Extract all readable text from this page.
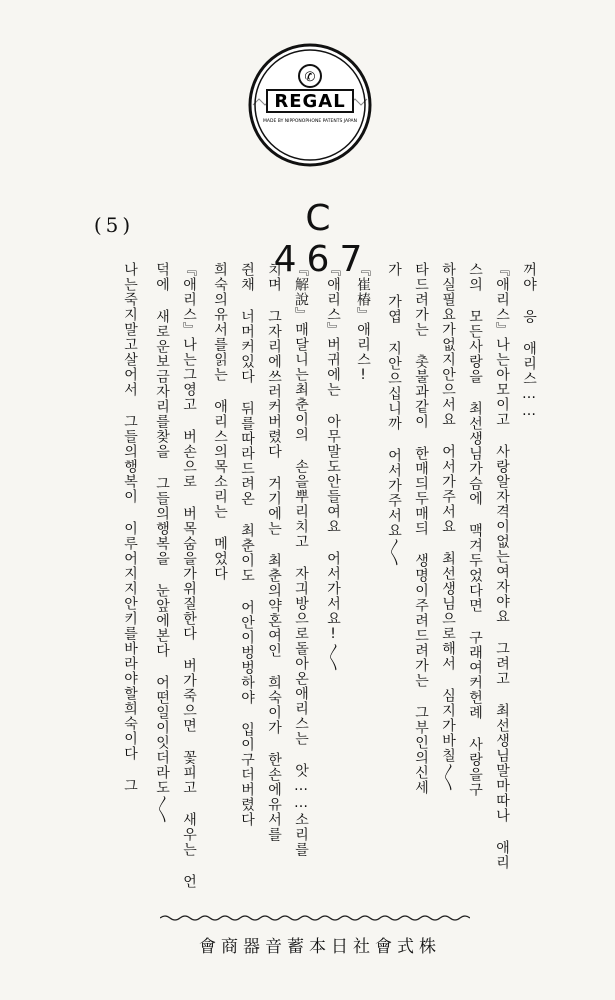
✆
REGAL
MADE BY NIPPONOPHONE PATENTS JAPAN
(5)	C 467
꺼야 응 애리스……
『애리스』나는아모이고 사랑알자격이없는여자야요 그려고 최선생님말마따나 애리
스의 모든사랑을 최선생님가슴에 맥겨두었다면 구래여커헌례 사랑을구
하실필요가없지안으서요 어서가주서요 최선생님으로해서 심지가바칠〳〵
타드려가는 촛불과같이 한매듸두매듸 생명이주려드려가는 그부인의신세
가 가엽 지안으십니까 어서가주서요〳〵
『崔椿』애리스!
『애리스』버귀에는 아무말도안들여요 어서가서요!〳〵
『解說』매달니는최춘이의 손을뿌리치고 자긔방으로돌아온애리스는 앗……소리를
치며 그자리에쓰러커버렸다 거기에는 최춘의약혼여인 희숙이가 한손에유서를
쥔채 너머커있다 뒤를따라드려온 최춘이도 어안이벙벙하야 입이구더버렸다
희숙의유서를읽는 애리스의목소리는 메었다
『애리스』나는그영고 버손으로 버목숨을가위질한다 버가죽으면 꽃피고 새우는 언
덕에 새로운보금자리를찾을 그들의행복을 눈앞에본다 어떤일이잇더라도〳〵
나는죽지말고살어서 그들의행복이 이루어지지안키를바라야할희숙이다 그
會商器音蓄本日社會式株
